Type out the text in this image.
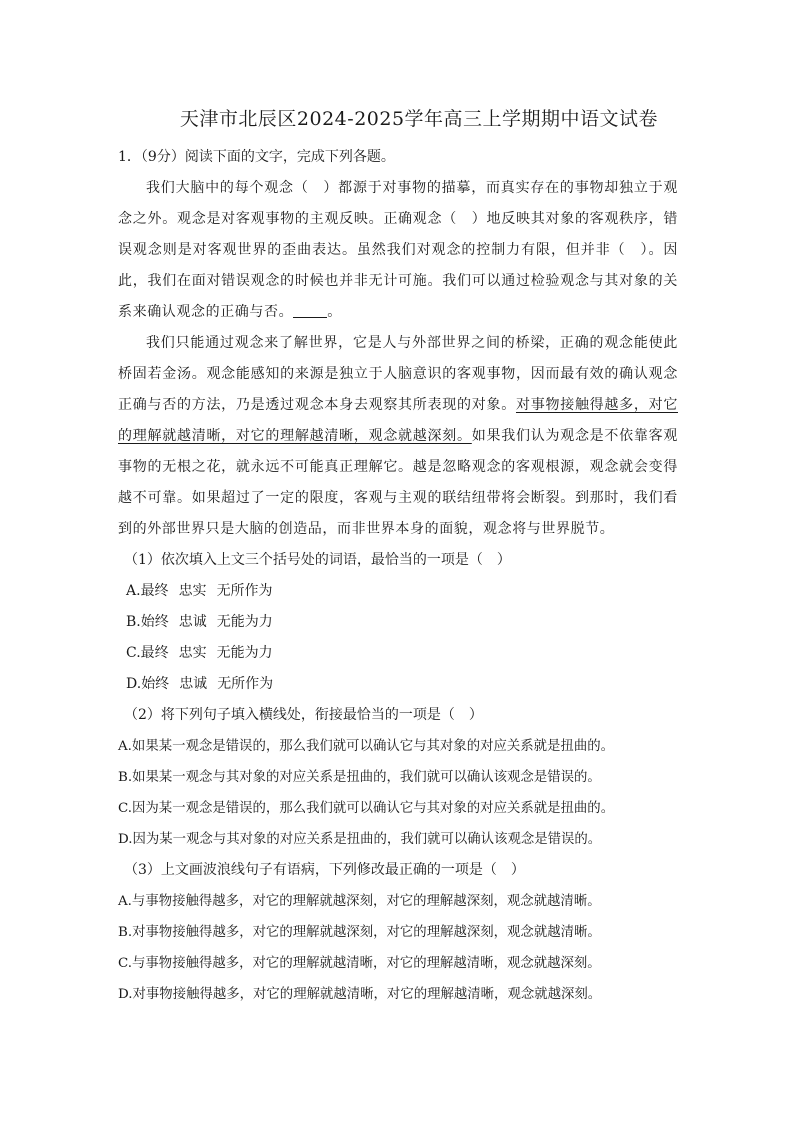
天津市北辰区2024-2025学年高三上学期期中语文试卷

1．（9分）阅读下面的文字，完成下列各题。

我们大脑中的每个观念（　）都源于对事物的描摹，而真实存在的事物却独立于观念之外。观念是对客观事物的主观反映。正确观念（　）地反映其对象的客观秩序，错误观念则是对客观世界的歪曲表达。虽然我们对观念的控制力有限，但并非（　）。因此，我们在面对错误观念的时候也并非无计可施。我们可以通过检验观念与其对象的关系来确认观念的正确与否。 。

我们只能通过观念来了解世界，它是人与外部世界之间的桥梁，正确的观念能使此桥固若金汤。观念能感知的来源是独立于人脑意识的客观事物，因而最有效的确认观念正确与否的方法，乃是透过观念本身去观察其所表现的对象。对事物接触得越多，对它的理解就越清晰，对它的理解越清晰，观念就越深刻。如果我们认为观念是不依靠客观事物的无根之花，就永远不可能真正理解它。越是忽略观念的客观根源，观念就会变得越不可靠。如果超过了一定的限度，客观与主观的联结纽带将会断裂。到那时，我们看到的外部世界只是大脑的创造品，而非世界本身的面貌，观念将与世界脱节。

（1）依次填入上文三个括号处的词语，最恰当的一项是（　）

A.最终 忠实 无所作为

B.始终 忠诚 无能为力

C.最终 忠实 无能为力

D.始终 忠诚 无所作为

（2）将下列句子填入横线处，衔接最恰当的一项是（　）

A.如果某一观念是错误的，那么我们就可以确认它与其对象的对应关系就是扭曲的。

B.如果某一观念与其对象的对应关系是扭曲的，我们就可以确认该观念是错误的。

C.因为某一观念是错误的，那么我们就可以确认它与其对象的对应关系就是扭曲的。

D.因为某一观念与其对象的对应关系是扭曲的，我们就可以确认该观念是错误的。

（3）上文画波浪线句子有语病，下列修改最正确的一项是（　）

A.与事物接触得越多，对它的理解就越深刻，对它的理解越深刻，观念就越清晰。

B.对事物接触得越多，对它的理解就越深刻，对它的理解越深刻，观念就越清晰。

C.与事物接触得越多，对它的理解就越清晰，对它的理解越清晰，观念就越深刻。

D.对事物接触得越多，对它的理解就越清晰，对它的理解越清晰，观念就越深刻。
